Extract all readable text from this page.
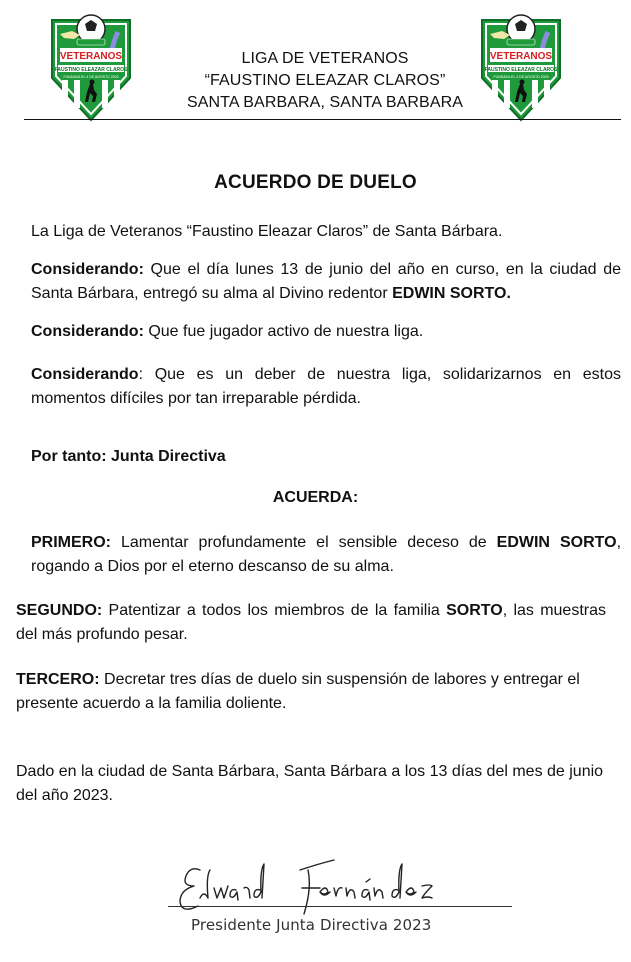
VETERANOS
FAUSTINO ELEAZAR CLAROS
FUNDADA EL 4 DE AGOSTO 2003
LIGA DE VETERANOS
“FAUSTINO ELEAZAR CLAROS”
SANTA BARBARA, SANTA BARBARA
VETERANOS
FAUSTINO ELEAZAR CLAROS
FUNDADA EL 4 DE AGOSTO 2003
ACUERDO DE DUELO
La Liga de Veteranos “Faustino Eleazar Claros” de Santa Bárbara.
Considerando: Que el día lunes 13 de junio del año en curso, en la ciudad de Santa Bárbara, entregó su alma al Divino redentor EDWIN SORTO.
Considerando: Que fue jugador activo de nuestra liga.
Considerando: Que es un deber de nuestra liga, solidarizarnos en estos momentos difíciles por tan irreparable pérdida.
Por tanto: Junta Directiva
ACUERDA:
PRIMERO: Lamentar profundamente el sensible deceso de EDWIN SORTO, rogando a Dios por el eterno descanso de su alma.
SEGUNDO: Patentizar a todos los miembros de la familia SORTO, las muestras del más profundo pesar.
TERCERO: Decretar tres días de duelo sin suspensión de labores y entregar el presente acuerdo a la familia doliente.
Dado en la ciudad de Santa Bárbara, Santa Bárbara a los 13 días del mes de junio del año 2023.
Presidente Junta Directiva 2023
